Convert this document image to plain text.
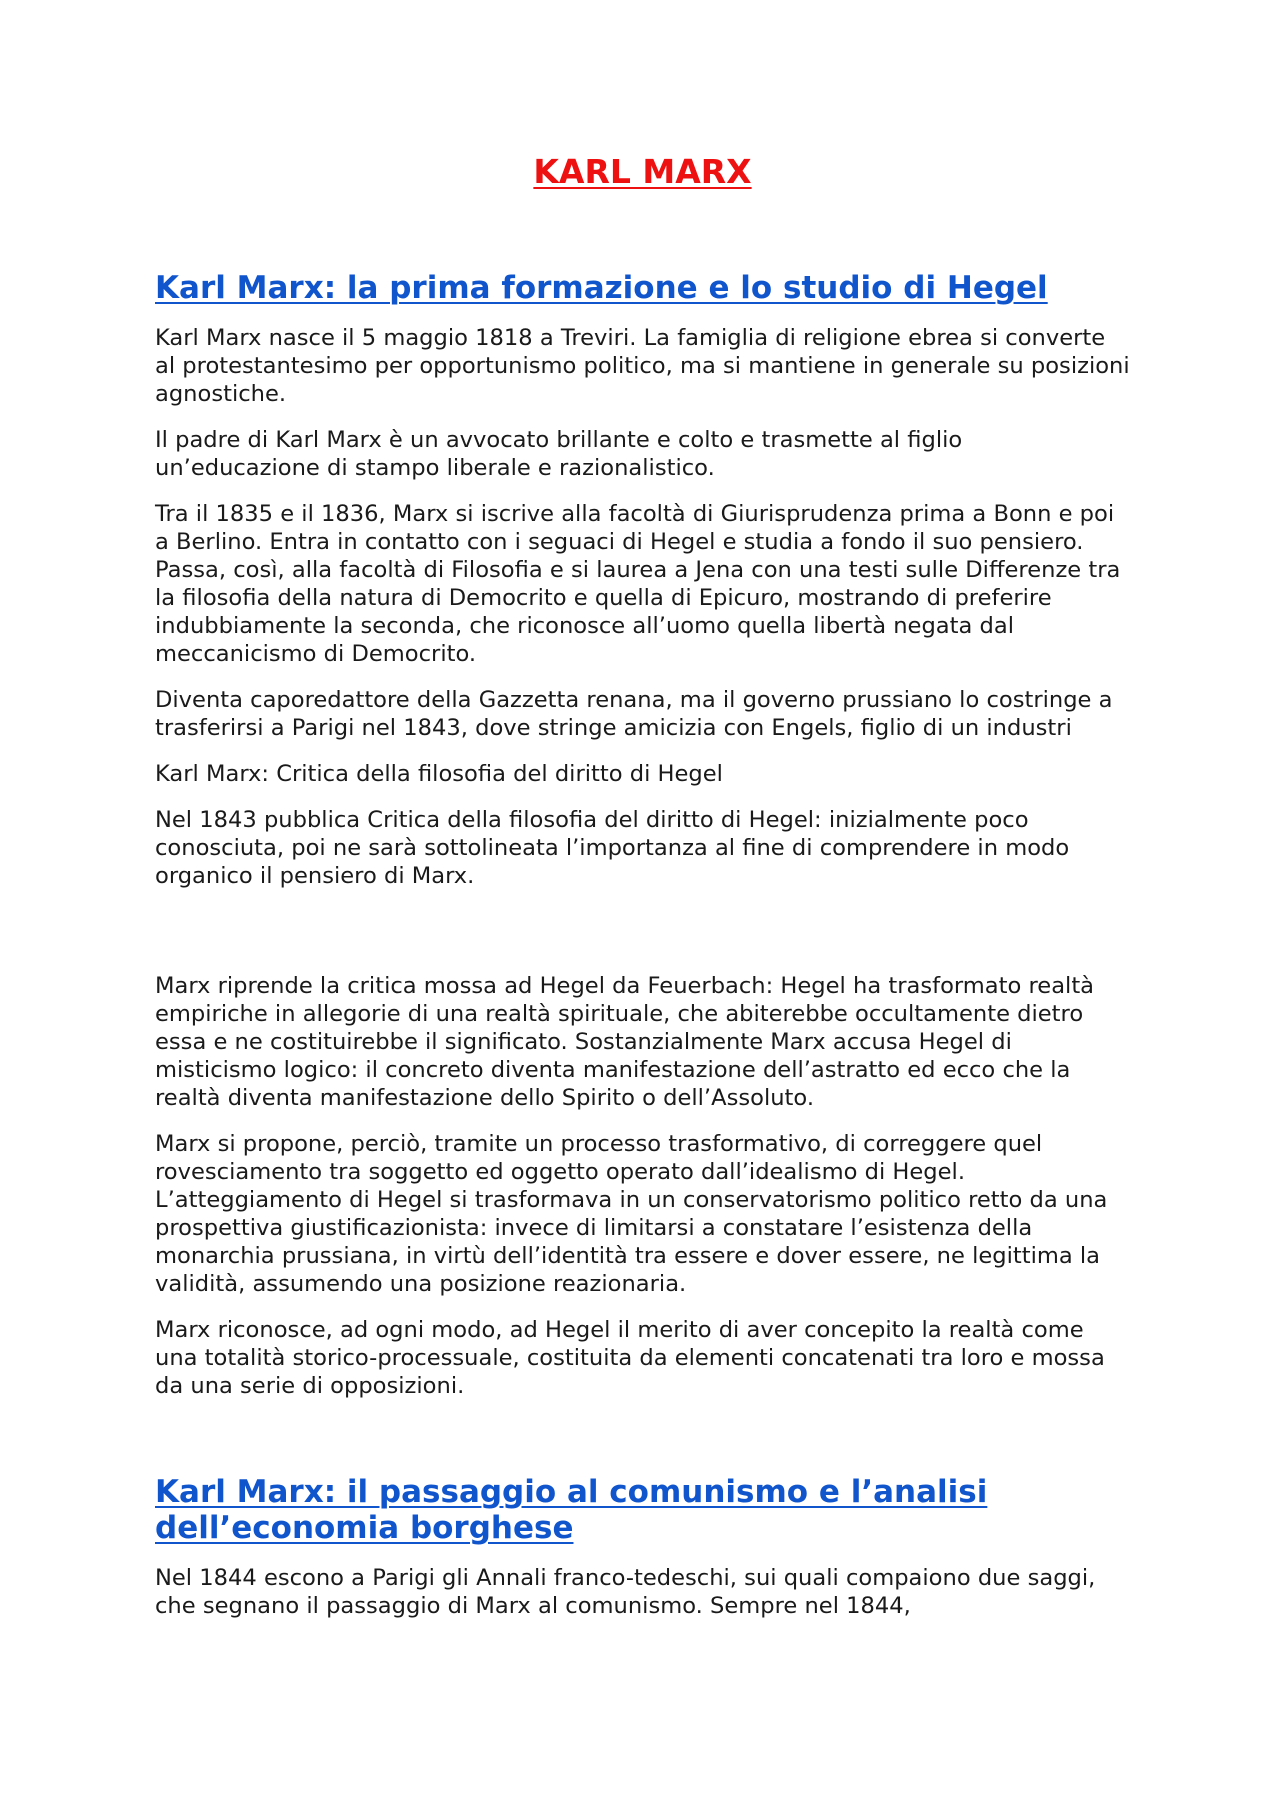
KARL MARX
Karl Marx: la prima formazione e lo studio di Hegel

Karl Marx nasce il 5 maggio 1818 a Treviri. La famiglia di religione ebrea si converte al protestantesimo per opportunismo politico, ma si mantiene in generale su posizioni agnostiche.

Il padre di Karl Marx è un avvocato brillante e colto e trasmette al figlio un’educazione di stampo liberale e razionalistico.

Tra il 1835 e il 1836, Marx si iscrive alla facoltà di Giurisprudenza prima a Bonn e poi a Berlino. Entra in contatto con i seguaci di Hegel e studia a fondo il suo pensiero. Passa, così, alla facoltà di Filosofia e si laurea a Jena con una testi sulle Differenze tra la filosofia della natura di Democrito e quella di Epicuro, mostrando di preferire indubbiamente la seconda, che riconosce all’uomo quella libertà negata dal meccanicismo di Democrito.

Diventa caporedattore della Gazzetta renana, ma il governo prussiano lo costringe a trasferirsi a Parigi nel 1843, dove stringe amicizia con Engels, figlio di un industri

Karl Marx: Critica della filosofia del diritto di Hegel

Nel 1843 pubblica Critica della filosofia del diritto di Hegel: inizialmente poco conosciuta, poi ne sarà sottolineata l’importanza al fine di comprendere in modo organico il pensiero di Marx.

Marx riprende la critica mossa ad Hegel da Feuerbach: Hegel ha trasformato realtà empiriche in allegorie di una realtà spirituale, che abiterebbe occultamente dietro essa e ne costituirebbe il significato. Sostanzialmente Marx accusa Hegel di misticismo logico: il concreto diventa manifestazione dell’astratto ed ecco che la realtà diventa manifestazione dello Spirito o dell’Assoluto.

Marx si propone, perciò, tramite un processo trasformativo, di correggere quel rovesciamento tra soggetto ed oggetto operato dall’idealismo di Hegel. L’atteggiamento di Hegel si trasformava in un conservatorismo politico retto da una prospettiva giustificazionista: invece di limitarsi a constatare l’esistenza della monarchia prussiana, in virtù dell’identità tra essere e dover essere, ne legittima la validità, assumendo una posizione reazionaria.

Marx riconosce, ad ogni modo, ad Hegel il merito di aver concepito la realtà come una totalità storico-processuale, costituita da elementi concatenati tra loro e mossa da una serie di opposizioni.

Karl Marx: il passaggio al comunismo e l’analisi dell’economia borghese

Nel 1844 escono a Parigi gli Annali franco-tedeschi, sui quali compaiono due saggi, che segnano il passaggio di Marx al comunismo. Sempre nel 1844,
